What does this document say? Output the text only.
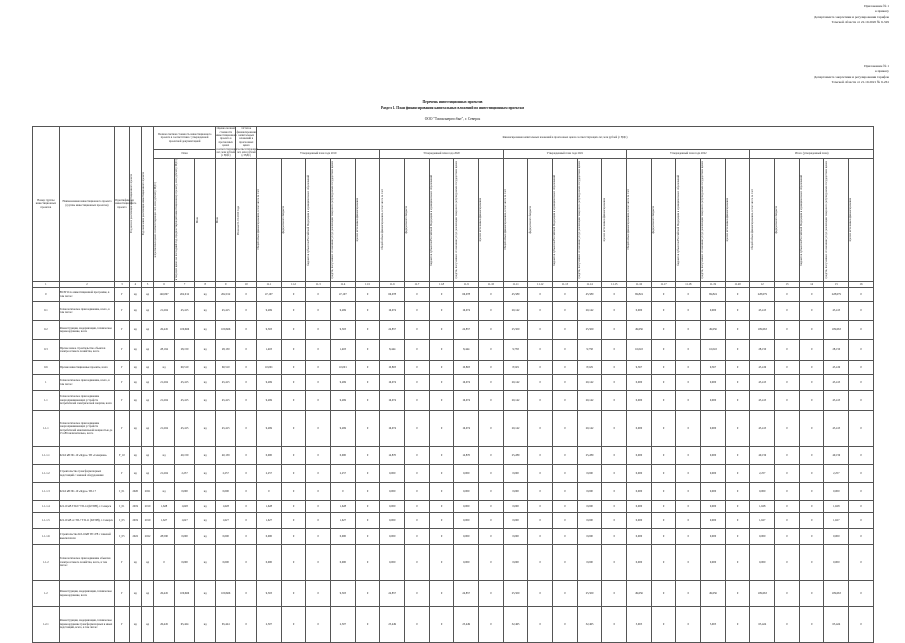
Приложение № 1
к приказу
Департамента энергетики и регулирования тарифов
Томской области от 22.10.2020 № 6-329
Приложение № 1
к приказу
Департамента энергетики и регулирования тарифов
Томской области от 21.10.2021 № 6-261
Перечень инвестиционных проектов
Раздел 1. План финансирования капитальных вложений по инвестиционным проектам
ООО "Томскэнергосбыт", г. Северск
Номер группы инвестиционных проектов	Наименование инвестиционного проекта (группы инвестиционных проектов)	Идентификатор инвестиционного проекта	Год начала реализации инвестиционного проекта	Год окончания реализации инвестиционного проекта	Полная сметная стоимость инвестиционного проекта в соответствии с утвержденной проектной документацией			Оценка полной стоимости инвестиционного проекта в прогнозных ценах соответствующих лет, млн рублей (с НДС)	Остаток финансирования капитальных вложений в прогнозных ценах соответствующих лет, млн рублей (с НДС)	Финансирование капитальных вложений в прогнозных ценах соответствующих лет, млн рублей (с НДС)																								
					План					Утвержденный план года 2019					Утвержденный план года 2020					Утвержденный план года 2021					Утвержденный план года 2022					Итого (утвержденный план)				

					в прогнозных ценах соответствующих лет, млн рублей (с НДС)	в текущих ценах на последний год, предшествующий инвестиционному проекту, млн рублей (с НДС)	План	План	План на 01.01.2020 года	Общий объем финансирования, в том числе за счет	федерального бюджета	бюджетов субъектов Российской Федерации и муниципальных образований	средств, полученных от оказания услуг, реализации товаров по регулируемым государством ценам	прочих источников финансирования	Общий объем финансирования, в том числе за счет	федерального бюджета	бюджетов субъектов Российской Федерации и муниципальных образований	средств, полученных от оказания услуг, реализации товаров по регулируемым государством ценам	прочих источников финансирования	Общий объем финансирования, в том числе за счет	федерального бюджета	бюджетов субъектов Российской Федерации и муниципальных образований	средств, полученных от оказания услуг, реализации товаров по регулируемым государством ценам	прочих источников финансирования	Общий объем финансирования, в том числе за счет	федерального бюджета	бюджетов субъектов Российской Федерации и муниципальных образований	средств, полученных от оказания услуг, реализации товаров по регулируемым государством ценам	прочих источников финансирования	Общий объем финансирования, в том числе за счет	федерального бюджета	бюджетов субъектов Российской Федерации и муниципальных образований	средств, полученных от оказания услуг, реализации товаров по регулируемым государством ценам	прочих источников финансирования

1	2	3	4	5	6	7	8	9	10	11.1	11.2	11.3	11.4	11.5	11.6	11.7	11.8	11.9	11.10	11.11	11.12	11.13	11.14	11.15	11.16	11.17	11.18	11.19	11.20	12	13	14	15	16
0	ВСЕГО по инвестиционной программе, в том числе:	Г	нд	нд	140,097	262,012	нд	262,012	0	47,197	0	0	47,197	0	66,078	0	0	66,078	0	45,580	0	0	45,580	0	69,824	0	0	69,824	0	228,679	0	0	228,679	0
0.1	Технологическое присоединение, всего, в том числе:	Г	нд	нд	21,204	45,415	нд	45,415	0	9,269	0	0	9,269	0	16,074	0	0	16,074	0	20,142	0	0	20,142	0	0,000	0	0	0,000	0	45,415	0	0	45,415	0
0.2	Реконструкция, модернизация, техническое перевооружение, всего	Г	нд	нд	26,445	109,666	нд	109,666	0	9,303	0	0	9,303	0	24,857	0	0	24,857	0	25,500	0	0	25,500	0	49,656	0	0	49,656	0	109,663	0	0	109,663	0
0.3	Прочее новое строительство объектов электросетевого хозяйства, всего	Г	нд	нд	28,194	28,150	нд	28,150	0	1,403	0	0	1,403	0	8,444	0	0	8,444	0	9,758	0	0	9,758	0	16,043	0	0	16,043	0	28,150	0	0	28,150	0
0.6	Прочие инвестиционные проекты, всего	Г	нд	нд	нд	60,510	нд	60,510	0	10,001	0	0	10,001	0	10,803	0	0	10,803	0	8,529	0	0	8,529	0	9,367	0	0	9,367	0	45,419	0	0	45,419	0
1	Технологическое присоединение, всего, в том числе:	Г	нд	нд	21,204	45,415	нд	45,415	0	9,269	0	0	9,269	0	16,074	0	0	16,074	0	20,142	0	0	20,142	0	0,000	0	0	0,000	0	45,415	0	0	45,415	0
1.1	Технологическое присоединение энергопринимающих устройств потребителей электрической энергии, всего	Г	нд	нд	21,204	45,415	нд	45,415	0	9,269	0	0	9,269	0	16,074	0	0	16,074	0	20,142	0	0	20,142	0	0,000	0	0	0,000	0	45,415	0	0	45,415	0
1.1.1	Технологическое присоединение энергопринимающих устройств потребителей максимальной мощностью до 15 кВт включительно, всего	Г	нд	нд	21,204	45,415	нд	45,415	0	9,269	0	0	9,269	0	16,074	0	0	16,074	0	20,142	0	0	20,142	0	0,000	0	0	0,000	0	45,415	0	0	45,415	0
1.1.1.1	КЛ-6 кВ ПС-10 «Ядро» ТП «Северная»	F_10	нд	нд	нд	40,159	нд	40,159	0	0,000	0	0	0,000	0	14,870	0	0	14,870	0	25,289	0	0	25,289	0	0,000	0	0	0,000	0	40,159	0	0	40,159	0
1.1.1.2	Строительство трансформаторных подстанций с заменой оборудования	Г	нд	нд	21,204	2,257	нд	2,257	0	2,257	0	0	2,257	0	0,000	0	0	0,000	0	0,000	0	0	0,000	0	0,000	0	0	0,000	0	2,257	0	0	2,257	0
1.1.1.3	КЛ-6 кВ ПС-10 «Ядро» ТП-17	I_01	2020	2021	нд	0,000	нд	0,000	0	0	0	0	0	0	0,000	0	0	0,000	0	0,000	0	0	0,000	0	0,000	0	0	0,000	0	0,000	0	0	0,000	0
1.1.1.4	КЛ-10 кВ ТП-07 ТП-14 (КТПН), г. Северск	I_01	2019	2019	1,628	1,628	нд	1,628	0	1,628	0	0	1,628	0	0,000	0	0	0,000	0	0,000	0	0	0,000	0	0,000	0	0	0,000	0	1,628	0	0	1,628	0
1.1.1.5	КЛ-10 кВ от ТП-7 ТП-11 (КТПН), г. Северск	I_05	2019	2019	1,627	1,627	нд	1,627	0	1,627	0	0	1,627	0	0,000	0	0	0,000	0	0,000	0	0	0,000	0	0,000	0	0	0,000	0	1,627	0	0	1,627	0
1.1.1.6	Строительство КЛ-10кВ ТП 478 с заменой выключателя	I_05	2022	2022	28,590	0,000	нд	0,000	0	0,000	0	0	0,000	0	0,000	0	0	0,000	0	0,000	0	0	0,000	0	0,000	0	0	0,000	0	0,000	0	0	0,000	0
1.1.2	Технологическое присоединение объектов электросетевого хозяйства, всего, в том числе:	Г	нд	нд	0	0,000	нд	0,000	0	0,000	0	0	0,000	0	0,000	0	0	0,000	0	0,000	0	0	0,000	0	0,000	0	0	0,000	0	0,000	0	0	0,000	0
1.2	Реконструкция, модернизация, техническое перевооружение, всего	Г	нд	нд	26,445	109,666	нд	109,666	0	9,303	0	0	9,303	0	24,857	0	0	24,857	0	25,500	0	0	25,500	0	49,656	0	0	49,656	0	109,663	0	0	109,663	0
1.2.1	Реконструкция, модернизация, техническое перевооружение трансформаторных и иных подстанций, всего, в том числе:	Г	нд	нд	26,445	65,424	нд	65,424	0	2,507	0	0	2,507	0	25,449	0	0	25,449	0	32,465	0	0	32,465	0	5,003	0	0	5,003	0	65,424	0	0	65,424	0
